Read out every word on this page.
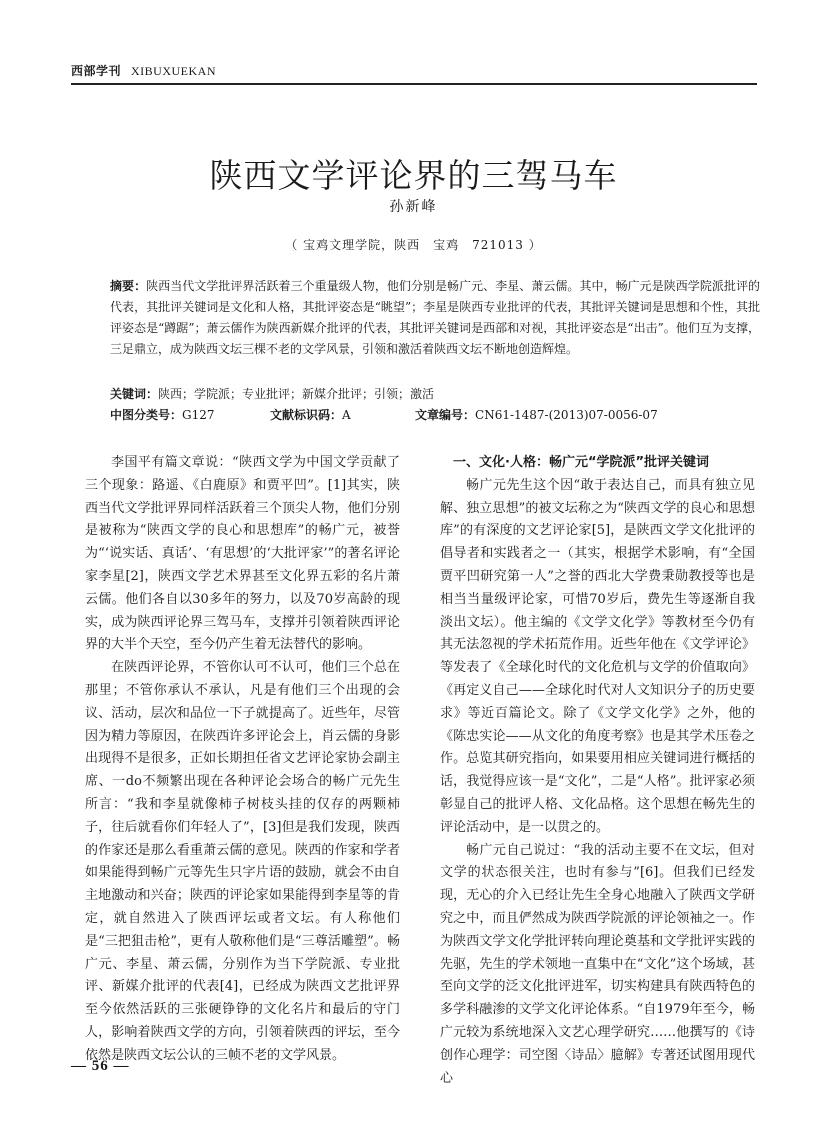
西部学刊 XIBUXUEKAN
陕西文学评论界的三驾马车
孙新峰
（ 宝鸡文理学院，陕西　宝鸡　721013 ）
摘要：陕西当代文学批评界活跃着三个重量级人物，他们分别是畅广元、李星、萧云儒。其中，畅广元是陕西学院派批评的代表，其批评关键词是文化和人格，其批评姿态是“眺望”；李星是陕西专业批评的代表，其批评关键词是思想和个性，其批评姿态是“蹲踞”；萧云儒作为陕西新媒介批评的代表，其批评关键词是西部和对视，其批评姿态是“出击”。他们互为支撑，三足鼎立，成为陕西文坛三棵不老的文学风景，引领和激活着陕西文坛不断地创造辉煌。
关键词：陕西；学院派；专业批评；新媒介批评；引领；激活
中图分类号：G127	文献标识码：A	文章编号：CN61-1487-(2013)07-0056-07

李国平有篇文章说：“陕西文学为中国文学贡献了三个现象：路遥、《白鹿原》和贾平凹”。[1]其实，陕西当代文学批评界同样活跃着三个顶尖人物，他们分别是被称为“陕西文学的良心和思想库”的畅广元，被誉为“‘说实话、真话’、‘有思想’的‘大批评家’”的著名评论家李星[2]，陕西文学艺术界甚至文化界五彩的名片萧云儒。他们各自以30多年的努力，以及70岁高龄的现实，成为陕西评论界三驾马车，支撑并引领着陕西评论界的大半个天空，至今仍产生着无法替代的影响。

在陕西评论界，不管你认可不认可，他们三个总在那里；不管你承认不承认，凡是有他们三个出现的会议、活动，层次和品位一下子就提高了。近些年，尽管因为精力等原因，在陕西许多评论会上，肖云儒的身影出现得不是很多，正如长期担任省文艺评论家协会副主席、一do不频繁出现在各种评论会场合的畅广元先生所言：“我和李星就像柿子树枝头挂的仅存的两颗柿子，往后就看你们年轻人了”，[3]但是我们发现，陕西的作家还是那么看重萧云儒的意见。陕西的作家和学者如果能得到畅广元等先生只字片语的鼓励，就会不由自主地激动和兴奋；陕西的评论家如果能得到李星等的肯定，就自然进入了陕西评坛或者文坛。有人称他们是“三把狙击枪”，更有人敬称他们是“三尊活雕塑”。畅广元、李星、萧云儒，分别作为当下学院派、专业批评、新媒介批评的代表[4]，已经成为陕西文艺批评界至今依然活跃的三张硬铮铮的文化名片和最后的守门人，影响着陕西文学的方向，引领着陕西的评坛，至今依然是陕西文坛公认的三帧不老的文学风景。

一、文化·人格：畅广元“学院派”批评关键词

畅广元先生这个因“敢于表达自己，而具有独立见解、独立思想”的被文坛称之为“陕西文学的良心和思想库”的有深度的文艺评论家[5]，是陕西文学文化批评的倡导者和实践者之一（其实，根据学术影响，有“全国贾平凹研究第一人”之誉的西北大学费秉勋教授等也是相当当量级评论家，可惜70岁后，费先生等逐渐自我淡出文坛）。他主编的《文学文化学》等教材至今仍有其无法忽视的学术拓荒作用。近些年他在《文学评论》等发表了《全球化时代的文化危机与文学的价值取向》《再定义自己——全球化时代对人文知识分子的历史要求》等近百篇论文。除了《文学文化学》之外，他的《陈忠实论——从文化的角度考察》也是其学术压卷之作。总览其研究指向，如果要用相应关键词进行概括的话，我觉得应该一是“文化”，二是“人格”。批评家必须彰显自己的批评人格、文化品格。这个思想在畅先生的评论活动中，是一以贯之的。

畅广元自己说过：“我的活动主要不在文坛，但对文学的状态很关注，也时有参与”[6]。但我们已经发现，无心的介入已经让先生全身心地融入了陕西文学研究之中，而且俨然成为陕西学院派的评论领袖之一。作为陕西文学文化学批评转向理论奠基和文学批评实践的先驱，先生的学术领地一直集中在“文化”这个场域，甚至向文学的泛文化批评进军，切实构建具有陕西特色的多学科融渗的文学文化评论体系。“自1979年至今，畅广元较为系统地深入文艺心理学研究……他撰写的《诗创作心理学：司空图〈诗品〉臆解》专著还试图用现代心

— 56 —
